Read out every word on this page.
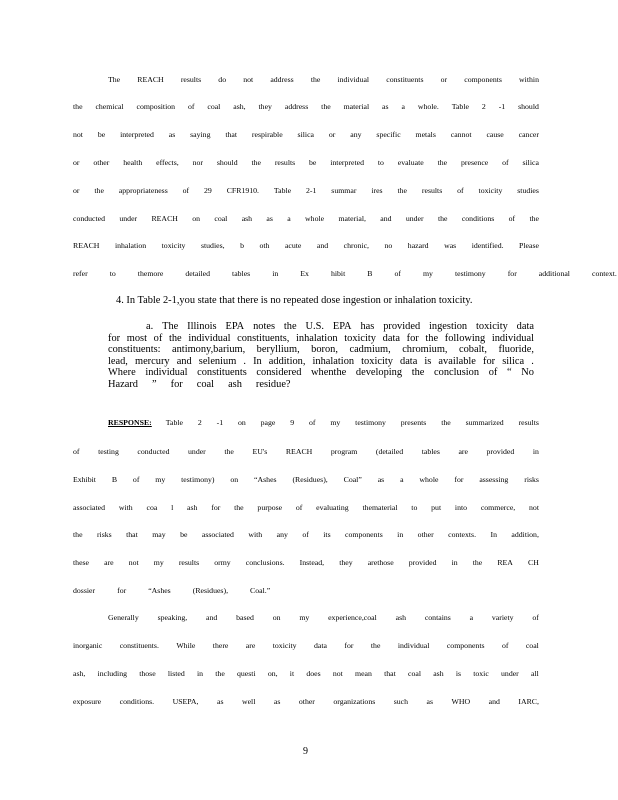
The REACH results do not address the individual constituents or components within
the chemical composition of coal ash, they address the material as a whole. Table 2 -1 should
not be interpreted as saying that respirable silica or any specific metals cannot cause cancer
or other health effects, nor should the results be interpreted to evaluate the presence of silica
or the appropriateness of 29 CFR1910. Table 2-1 summar ires the results of toxicity studies
conducted under REACH on coal ash as a whole material, and under the conditions of the
REACH inhalation toxicity studies, b oth acute and chronic, no hazard was identified. Please
refer	to	themore	detailed	tables	in	Ex	hibit	B	of	my	testimony	for	additional	context.
4. In Table 2-1,you state that there is no repeated dose ingestion or inhalation toxicity.
a. The Illinois EPA notes the U.S. EPA has provided ingestion toxicity data
for most of the individual constituents, inhalation toxicity data for the following individual
constituents: antimony,barium, beryllium, boron, cadmium, chromium, cobalt, fluoride,
lead, mercury and selenium . In addition, inhalation toxicity data is available for silica .
Where individual constituents considered whenthe developing the conclusion of “ No
Hazard ” for coal ash residue?
RESPONSE: Table 2 -1 on page 9 of my testimony presents the summarized results
of testing conducted under the EU's REACH program (detailed tables are provided in
Exhibit B of my testimony) on “Ashes (Residues), Coal” as a whole for assessing risks
associated with coa l ash for the purpose of evaluating thematerial to put into commerce, not
the risks that may be associated with any of its components in other contexts. In addition,
these are not my results ormy conclusions. Instead, they arethose provided in the REA CH
dossier	for	“Ashes	(Residues),	Coal.”
Generally speaking, and based on my experience,coal ash contains a variety of
inorganic constituents. While there are toxicity data for the individual components of coal
ash, including those listed in the questi on, it does not mean that coal ash is toxic under all
exposure conditions. USEPA, as well as other organizations such as WHO and IARC,
9
